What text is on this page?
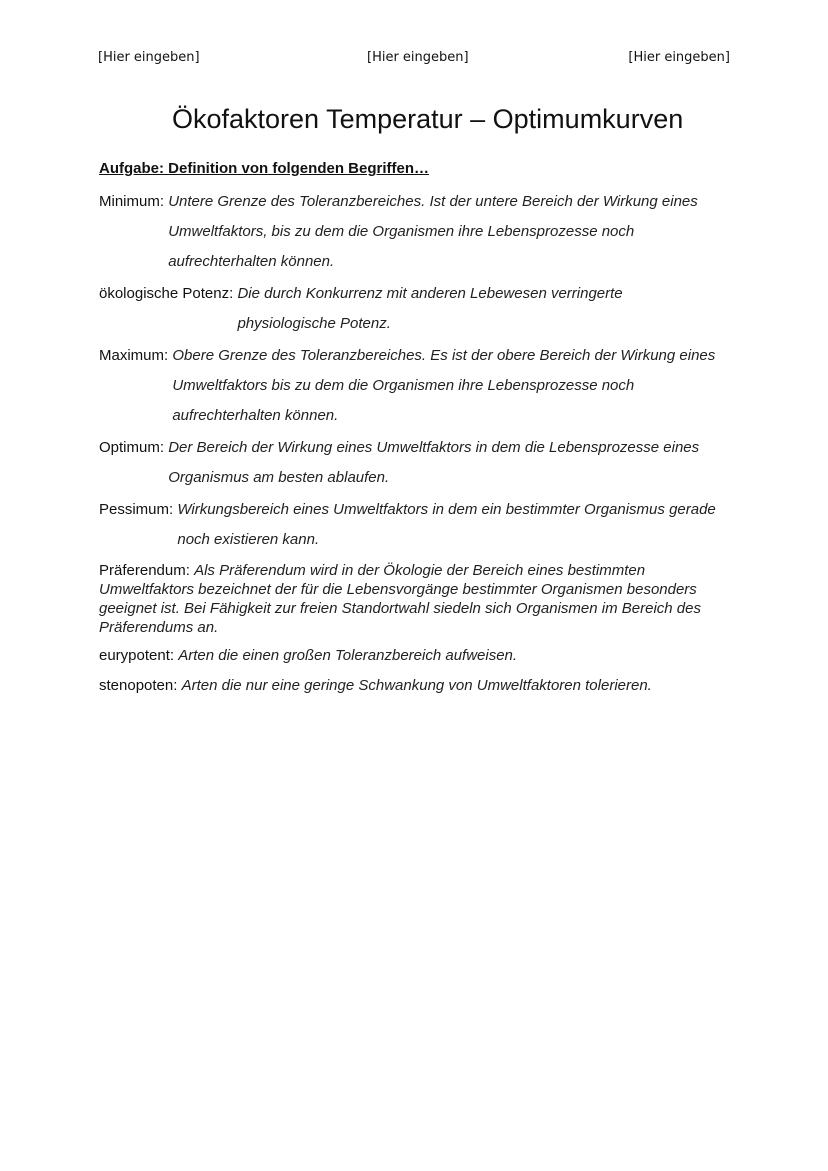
[Hier eingeben]	[Hier eingeben]	[Hier eingeben]
Ökofaktoren Temperatur – Optimumkurven

Aufgabe: Definition von folgenden Begriffen…

Minimum:
Untere Grenze des Toleranzbereiches. Ist der untere Bereich der Wirkung eines Umweltfaktors, bis zu dem die Organismen ihre Lebensprozesse noch aufrechterhalten können.
ökologische Potenz:
Die durch Konkurrenz mit anderen Lebewesen verringerte physiologische Potenz.
Maximum:
Obere Grenze des Toleranzbereiches. Es ist der obere Bereich der Wirkung eines Umweltfaktors bis zu dem die Organismen ihre Lebensprozesse noch aufrechterhalten können.
Optimum:
Der Bereich der Wirkung eines Umweltfaktors in dem die Lebensprozesse eines Organismus am besten ablaufen.
Pessimum:
Wirkungsbereich eines Umweltfaktors in dem ein bestimmter Organismus gerade noch existieren kann.
Präferendum: Als Präferendum wird in der Ökologie der Bereich eines bestimmten Umweltfaktors bezeichnet der für die Lebensvorgänge bestimmter Organismen besonders geeignet ist. Bei Fähigkeit zur freien Standortwahl siedeln sich Organismen im Bereich des Präferendums an.
eurypotent: Arten die einen großen Toleranzbereich aufweisen.
stenopoten: Arten die nur eine geringe Schwankung von Umweltfaktoren tolerieren.
